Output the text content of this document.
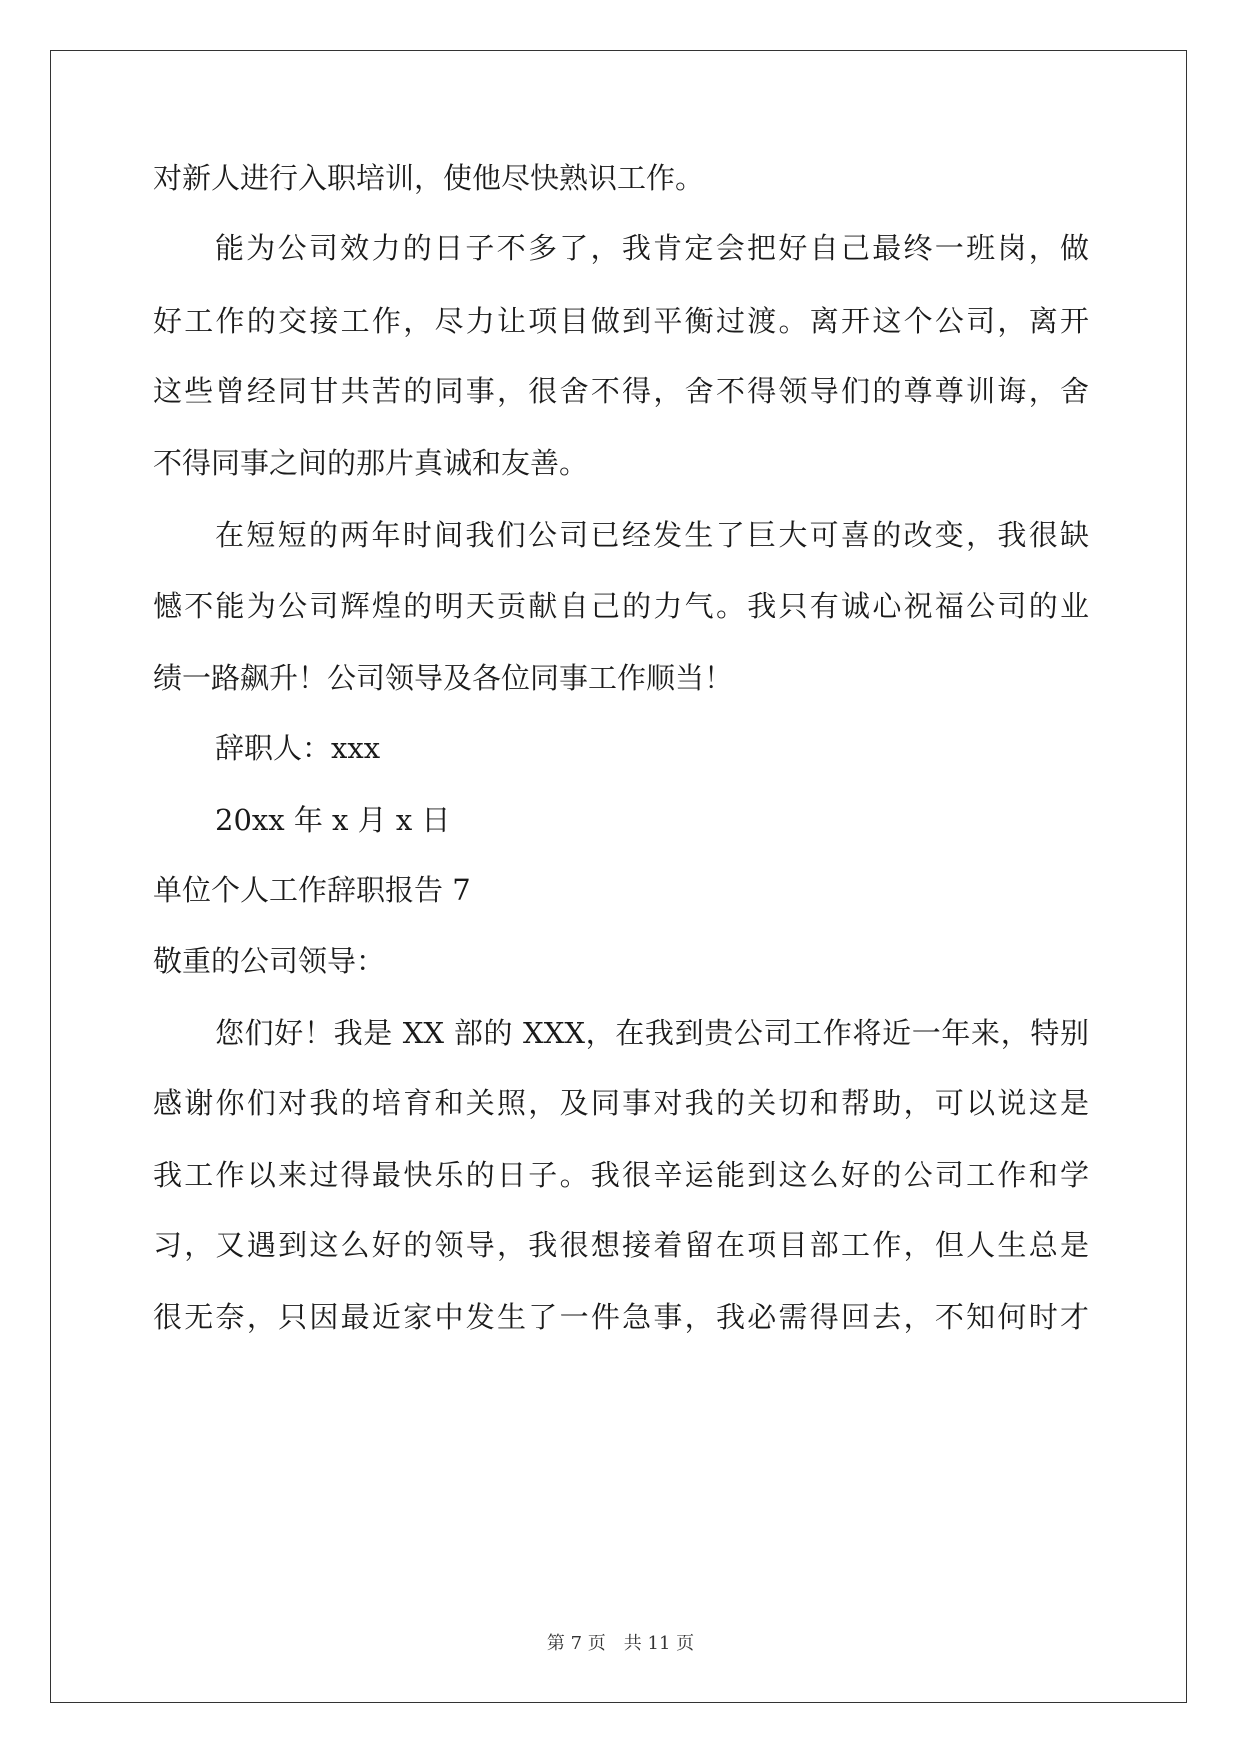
对新人进行入职培训，使他尽快熟识工作。
能为公司效力的日子不多了，我肯定会把好自己最终一班岗，做
好工作的交接工作，尽力让项目做到平衡过渡。离开这个公司，离开
这些曾经同甘共苦的同事，很舍不得，舍不得领导们的尊尊训诲，舍
不得同事之间的那片真诚和友善。
在短短的两年时间我们公司已经发生了巨大可喜的改变，我很缺
憾不能为公司辉煌的明天贡献自己的力气。我只有诚心祝福公司的业
绩一路飙升！公司领导及各位同事工作顺当！
辞职人：xxx
20xx 年 x 月 x 日
单位个人工作辞职报告 7
敬重的公司领导：
您们好！我是 XX 部的 XXX，在我到贵公司工作将近一年来，特别
感谢你们对我的培育和关照，及同事对我的关切和帮助，可以说这是
我工作以来过得最快乐的日子。我很辛运能到这么好的公司工作和学
习，又遇到这么好的领导，我很想接着留在项目部工作，但人生总是
很无奈，只因最近家中发生了一件急事，我必需得回去，不知何时才
第 7 页 共 11 页
